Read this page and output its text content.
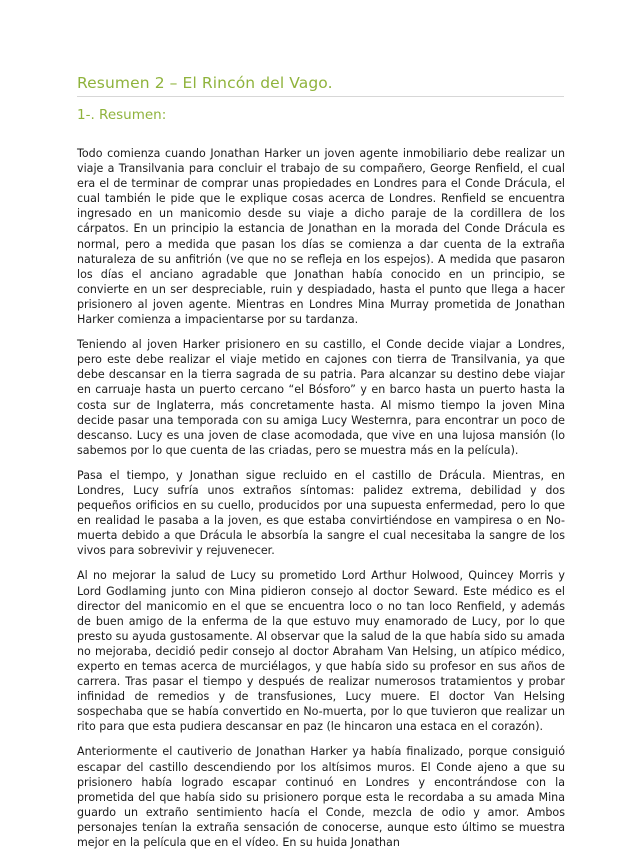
Resumen 2 – El Rincón del Vago.
1-. Resumen:

Todo comienza cuando Jonathan Harker un joven agente inmobiliario debe realizar un viaje a Transilvania para concluir el trabajo de su compañero, George Renfield, el cual era el de terminar de comprar unas propiedades en Londres para el Conde Drácula, el cual también le pide que le explique cosas acerca de Londres. Renfield se encuentra ingresado en un manicomio desde su viaje a dicho paraje de la cordillera de los cárpatos. En un principio la estancia de Jonathan en la morada del Conde Drácula es normal, pero a medida que pasan los días se comienza a dar cuenta de la extraña naturaleza de su anfitrión (ve que no se refleja en los espejos). A medida que pasaron los días el anciano agradable que Jonathan había conocido en un principio, se convierte en un ser despreciable, ruin y despiadado, hasta el punto que llega a hacer prisionero al joven agente. Mientras en Londres Mina Murray prometida de Jonathan Harker comienza a impacientarse por su tardanza.

Teniendo al joven Harker prisionero en su castillo, el Conde decide viajar a Londres, pero este debe realizar el viaje metido en cajones con tierra de Transilvania, ya que debe descansar en la tierra sagrada de su patria. Para alcanzar su destino debe viajar en carruaje hasta un puerto cercano “el Bósforo” y en barco hasta un puerto hasta la costa sur de Inglaterra, más concretamente hasta. Al mismo tiempo la joven Mina decide pasar una temporada con su amiga Lucy Westernra, para encontrar un poco de descanso. Lucy es una joven de clase acomodada, que vive en una lujosa mansión (lo sabemos por lo que cuenta de las criadas, pero se muestra más en la película).

Pasa el tiempo, y Jonathan sigue recluido en el castillo de Drácula. Mientras, en Londres, Lucy sufría unos extraños síntomas: palidez extrema, debilidad y dos pequeños orificios en su cuello, producidos por una supuesta enfermedad, pero lo que en realidad le pasaba a la joven, es que estaba convirtiéndose en vampiresa o en No-muerta debido a que Drácula le absorbía la sangre el cual necesitaba la sangre de los vivos para sobrevivir y rejuvenecer.

Al no mejorar la salud de Lucy su prometido Lord Arthur Holwood, Quincey Morris y Lord Godlaming junto con Mina pidieron consejo al doctor Seward. Este médico es el director del manicomio en el que se encuentra loco o no tan loco Renfield, y además de buen amigo de la enferma de la que estuvo muy enamorado de Lucy, por lo que presto su ayuda gustosamente. Al observar que la salud de la que había sido su amada no mejoraba, decidió pedir consejo al doctor Abraham Van Helsing, un atípico médico, experto en temas acerca de murciélagos, y que había sido su profesor en sus años de carrera. Tras pasar el tiempo y después de realizar numerosos tratamientos y probar infinidad de remedios y de transfusiones, Lucy muere. El doctor Van Helsing sospechaba que se había convertido en No-muerta, por lo que tuvieron que realizar un rito para que esta pudiera descansar en paz (le hincaron una estaca en el corazón).

Anteriormente el cautiverio de Jonathan Harker ya había finalizado, porque consiguió escapar del castillo descendiendo por los altísimos muros. El Conde ajeno a que su prisionero había logrado escapar continuó en Londres y encontrándose con la prometida del que había sido su prisionero porque esta le recordaba a su amada Mina guardo un extraño sentimiento hacía el Conde, mezcla de odio y amor. Ambos personajes tenían la extraña sensación de conocerse, aunque esto último se muestra mejor en la película que en el vídeo. En su huida Jonathan
